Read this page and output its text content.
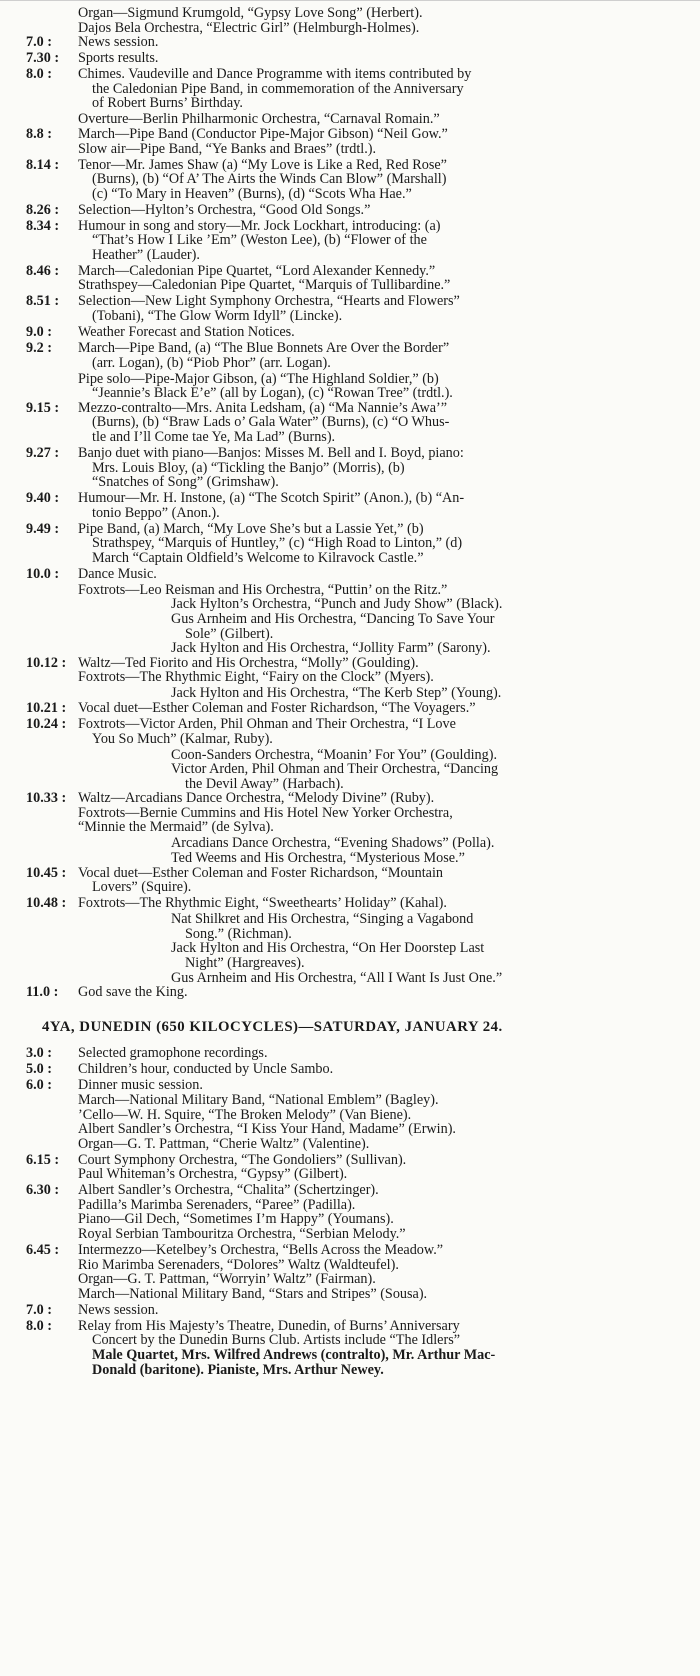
Organ—Sigmund Krumgold, “Gypsy Love Song” (Herbert).
Dajos Bela Orchestra, “Electric Girl” (Helmburgh-Holmes).
7.0 :	News session.
7.30 :	Sports results.
8.0 :	Chimes. Vaudeville and Dance Programme with items contributed by
the Caledonian Pipe Band, in commemoration of the Anniversary
of Robert Burns’ Birthday.
Overture—Berlin Philharmonic Orchestra, “Carnaval Romain.”
8.8 :	March—Pipe Band (Conductor Pipe-Major Gibson) “Neil Gow.”
Slow air—Pipe Band, “Ye Banks and Braes” (trdtl.).
8.14 :	Tenor—Mr. James Shaw (a) “My Love is Like a Red, Red Rose”
(Burns), (b) “Of A’ The Airts the Winds Can Blow” (Marshall)
(c) “To Mary in Heaven” (Burns), (d) “Scots Wha Hae.”
8.26 :	Selection—Hylton’s Orchestra, “Good Old Songs.”
8.34 :	Humour in song and story—Mr. Jock Lockhart, introducing: (a)
“That’s How I Like ’Em” (Weston Lee), (b) “Flower of the
Heather” (Lauder).
8.46 :	March—Caledonian Pipe Quartet, “Lord Alexander Kennedy.”
Strathspey—Caledonian Pipe Quartet, “Marquis of Tullibardine.”
8.51 :	Selection—New Light Symphony Orchestra, “Hearts and Flowers”
(Tobani), “The Glow Worm Idyll” (Lincke).
9.0 :	Weather Forecast and Station Notices.
9.2 :	March—Pipe Band, (a) “The Blue Bonnets Are Over the Border”
(arr. Logan), (b) “Piob Phor” (arr. Logan).
Pipe solo—Pipe-Major Gibson, (a) “The Highland Soldier,” (b)
“Jeannie’s Black E’e” (all by Logan), (c) “Rowan Tree” (trdtl.).
9.15 :	Mezzo-contralto—Mrs. Anita Ledsham, (a) “Ma Nannie’s Awa’”
(Burns), (b) “Braw Lads o’ Gala Water” (Burns), (c) “O Whus-
tle and I’ll Come tae Ye, Ma Lad” (Burns).
9.27 :	Banjo duet with piano—Banjos: Misses M. Bell and I. Boyd, piano:
Mrs. Louis Bloy, (a) “Tickling the Banjo” (Morris), (b)
“Snatches of Song” (Grimshaw).
9.40 :	Humour—Mr. H. Instone, (a) “The Scotch Spirit” (Anon.), (b) “An-
tonio Beppo” (Anon.).
9.49 :	Pipe Band, (a) March, “My Love She’s but a Lassie Yet,” (b)
Strathspey, “Marquis of Huntley,” (c) “High Road to Linton,” (d)
March “Captain Oldfield’s Welcome to Kilravock Castle.”
10.0 :	Dance Music.
Foxtrots—Leo Reisman and His Orchestra, “Puttin’ on the Ritz.”
Jack Hylton’s Orchestra, “Punch and Judy Show” (Black).
Gus Arnheim and His Orchestra, “Dancing To Save Your
Sole” (Gilbert).
Jack Hylton and His Orchestra, “Jollity Farm” (Sarony).
10.12 : Waltz—Ted Fiorito and His Orchestra, “Molly” (Goulding).
Foxtrots—The Rhythmic Eight, “Fairy on the Clock” (Myers).
Jack Hylton and His Orchestra, “The Kerb Step” (Young).
10.21 : Vocal duet—Esther Coleman and Foster Richardson, “The Voyagers.”
10.24 : Foxtrots—Victor Arden, Phil Ohman and Their Orchestra, “I Love
You So Much” (Kalmar, Ruby).
Coon-Sanders Orchestra, “Moanin’ For You” (Goulding).
Victor Arden, Phil Ohman and Their Orchestra, “Dancing
the Devil Away” (Harbach).
10.33 : Waltz—Arcadians Dance Orchestra, “Melody Divine” (Ruby).
Foxtrots—Bernie Cummins and His Hotel New Yorker Orchestra,
“Minnie the Mermaid” (de Sylva).
Arcadians Dance Orchestra, “Evening Shadows” (Polla).
Ted Weems and His Orchestra, “Mysterious Mose.”
10.45 : Vocal duet—Esther Coleman and Foster Richardson, “Mountain
Lovers” (Squire).
10.48 : Foxtrots—The Rhythmic Eight, “Sweethearts’ Holiday” (Kahal).
Nat Shilkret and His Orchestra, “Singing a Vagabond
Song.” (Richman).
Jack Hylton and His Orchestra, “On Her Doorstep Last
Night” (Hargreaves).
Gus Arnheim and His Orchestra, “All I Want Is Just One.”
11.0 :	God save the King.
4YA, DUNEDIN (650 KILOCYCLES)—SATURDAY, JANUARY 24.
3.0 :	Selected gramophone recordings.
5.0 :	Children’s hour, conducted by Uncle Sambo.
6.0 :	Dinner music session.
March—National Military Band, “National Emblem” (Bagley).
’Cello—W. H. Squire, “The Broken Melody” (Van Biene).
Albert Sandler’s Orchestra, “I Kiss Your Hand, Madame” (Erwin).
Organ—G. T. Pattman, “Cherie Waltz” (Valentine).
6.15 :	Court Symphony Orchestra, “The Gondoliers” (Sullivan).
Paul Whiteman’s Orchestra, “Gypsy” (Gilbert).
6.30 :	Albert Sandler’s Orchestra, “Chalita” (Schertzinger).
Padilla’s Marimba Serenaders, “Paree” (Padilla).
Piano—Gil Dech, “Sometimes I’m Happy” (Youmans).
Royal Serbian Tambouritza Orchestra, “Serbian Melody.”
6.45 :	Intermezzo—Ketelbey’s Orchestra, “Bells Across the Meadow.”
Rio Marimba Serenaders, “Dolores” Waltz (Waldteufel).
Organ—G. T. Pattman, “Worryin’ Waltz” (Fairman).
March—National Military Band, “Stars and Stripes” (Sousa).
7.0 :	News session.
8.0 :	Relay from His Majesty’s Theatre, Dunedin, of Burns’ Anniversary
Concert by the Dunedin Burns Club. Artists include “The Idlers”
Male Quartet, Mrs. Wilfred Andrews (contralto), Mr. Arthur Mac-
Donald (baritone). Pianiste, Mrs. Arthur Newey.
